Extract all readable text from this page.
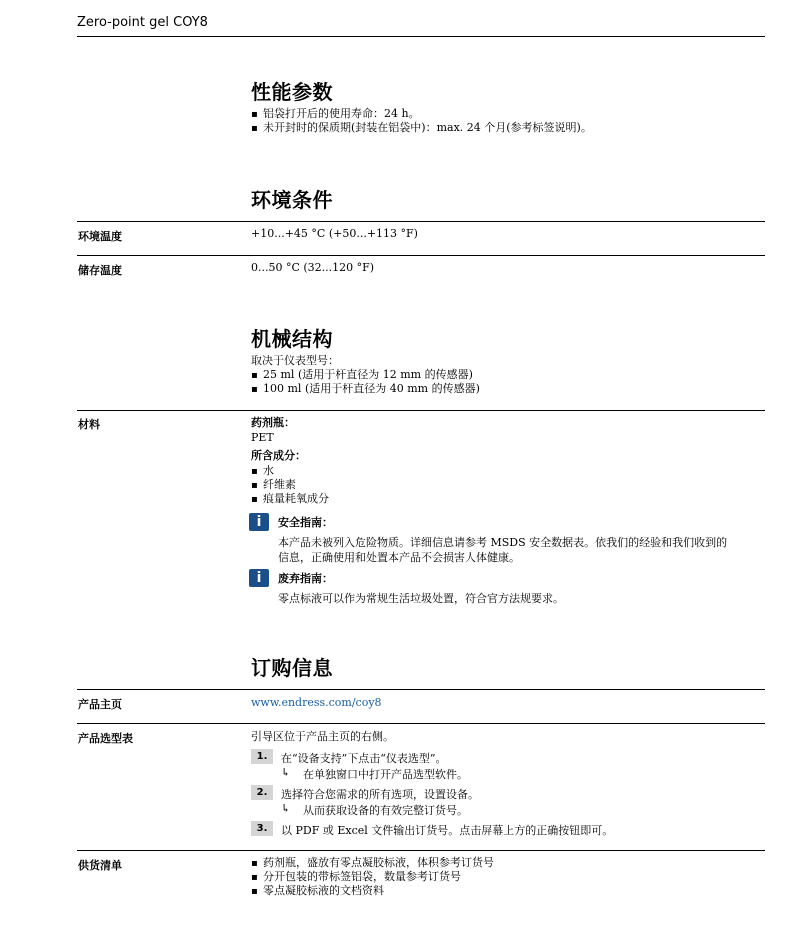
Zero-point gel COY8
性能参数
▪ 铝袋打开后的使用寿命：24 h。
▪ 未开封时的保质期(封装在铝袋中)：max. 24 个月(参考标签说明)。
环境条件
环境温度	+10...+45 °C (+50...+113 °F)
储存温度	0...50 °C (32...120 °F)
机械结构
取决于仪表型号：
▪ 25 ml (适用于杆直径为 12 mm 的传感器)
▪ 100 ml (适用于杆直径为 40 mm 的传感器)
材料	药剂瓶：
PET
所含成分：
▪ 水
▪ 纤维素
▪ 痕量耗氧成分
i	安全指南：
本产品未被列入危险物质。详细信息请参考 MSDS 安全数据表。依我们的经验和我们收到的
信息，正确使用和处置本产品不会损害人体健康。
i	废弃指南：
零点标液可以作为常规生活垃圾处置，符合官方法规要求。
订购信息
产品主页	www.endress.com/coy8
产品选型表	引导区位于产品主页的右侧。
1.	在“设备支持”下点击“仪表选型”。
↳ 在单独窗口中打开产品选型软件。
2.	选择符合您需求的所有选项，设置设备。
↳ 从而获取设备的有效完整订货号。
3.	以 PDF 或 Excel 文件输出订货号。点击屏幕上方的正确按钮即可。
供货清单
▪	药剂瓶，盛放有零点凝胶标液，体积参考订货号
▪ 分开包装的带标签铝袋，数量参考订货号
▪ 零点凝胶标液的文档资料
